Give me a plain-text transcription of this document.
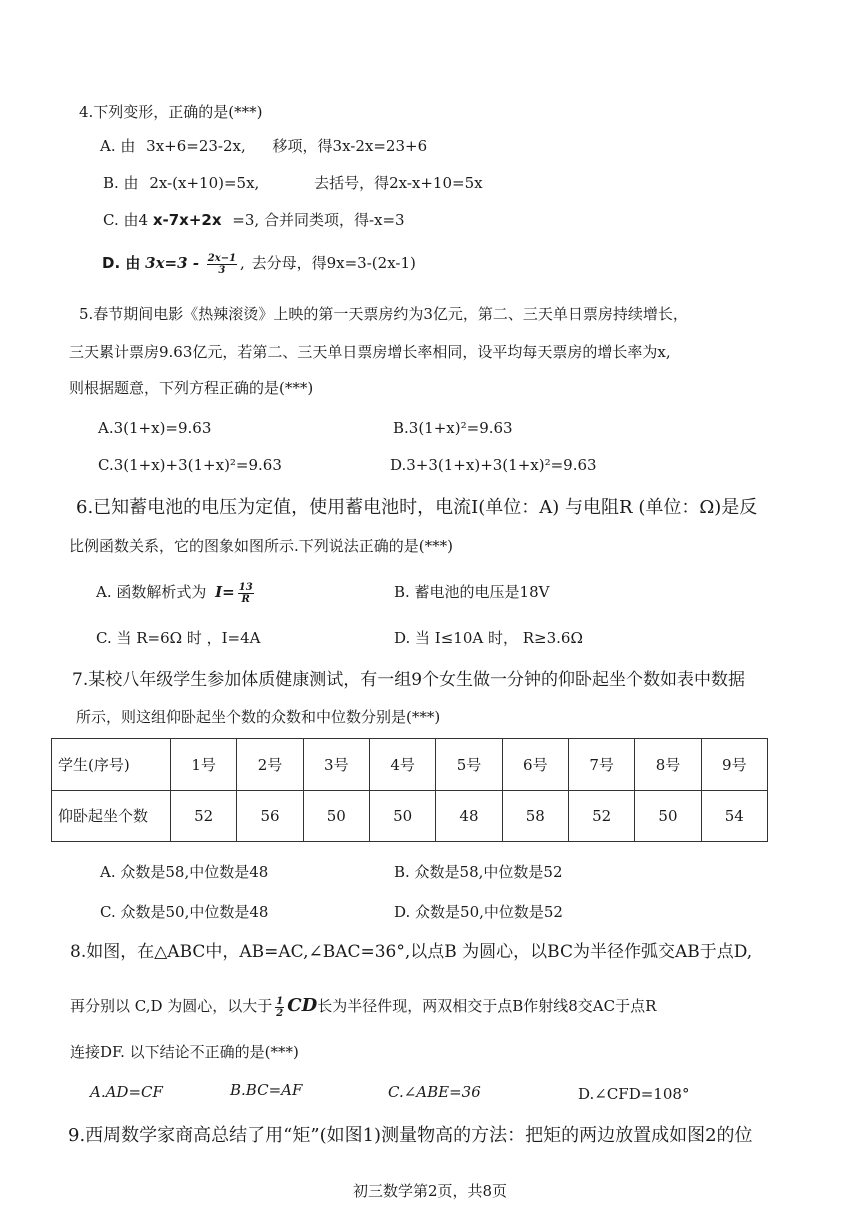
4.下列变形，正确的是(***)
A. 由 3x+6=23-2x, 移项，得3x-2x=23+6
B. 由 2x-(x+10)=5x,	去括号，得2x-x+10=5x
C. 由4 x-7x+2x =3, 合并同类项，得-x=3
D. 由 $3x=3 - \frac{2x-1}{3}$ , 去分母，得9x=3-(2x-1)
5.春节期间电影《热辣滚烫》上映的第一天票房约为3亿元，第二、三天单日票房持续增长，
三天累计票房9.63亿元，若第二、三天单日票房增长率相同，设平均每天票房的增长率为x,
则根据题意，下列方程正确的是(***)
A.3(1+x)=9.63	B.3(1+x)²=9.63
C.3(1+x)+3(1+x)²=9.63	D.3+3(1+x)+3(1+x)²=9.63
6.已知蓄电池的电压为定值，使用蓄电池时，电流I(单位：A) 与电阻R (单位：Ω)是反
比例函数关系，它的图象如图所示.下列说法正确的是(***)
A. 函数解析式为 $I= \frac{13}{R}$	B. 蓄电池的电压是18V
C. 当 R=6Ω 时 ，I=4A	D. 当 I≤10A 时， R≥3.6Ω
7.某校八年级学生参加体质健康测试，有一组9个女生做一分钟的仰卧起坐个数如表中数据
所示，则这组仰卧起坐个数的众数和中位数分别是(***)
学生(序号)	1号	2号	3号	4号	5号	6号	7号	8号	9号
仰卧起坐个数	52	56	50	50	48	58	52	50	54
A. 众数是58,中位数是48	B. 众数是58,中位数是52
C. 众数是50,中位数是48	D. 众数是50,中位数是52
8.如图，在△ABC中，AB=AC,∠BAC=36°,以点B 为圆心，以BC为半径作弧交AB于点D,
再分别以 C,D 为圆心，以大于 $\frac{1}{2}$ CD长为半径件现，两双相交于点B作射线8交AC于点R
连接DF. 以下结论不正确的是(***)
A.AD=CF	B.BC=AF	C.∠ABE=36	D.∠CFD=108°
9.西周数学家商高总结了用“矩”(如图1)测量物高的方法：把矩的两边放置成如图2的位
初三数学第2页，共8页
